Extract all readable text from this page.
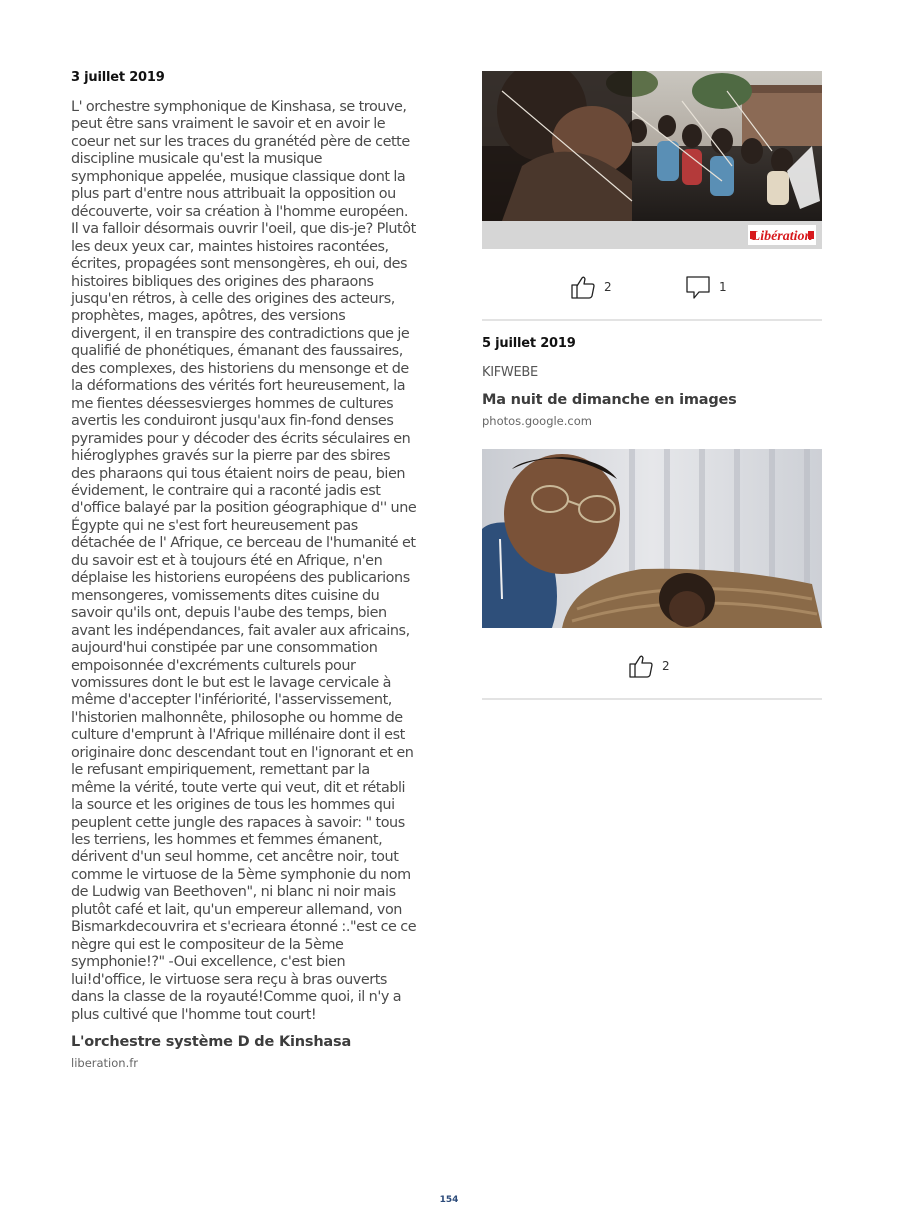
3 juillet 2019
L' orchestre symphonique de Kinshasa, se trouve, peut être sans vraiment le savoir et en avoir le coeur net sur les traces du granétéd père de cette discipline musicale qu'est la musique symphonique appelée, musique classique dont la plus part d'entre nous attribuait la opposition ou découverte, voir sa création à l'homme européen. Il va falloir désormais ouvrir l'oeil, que dis-je? Plutôt les deux yeux car, maintes histoires racontées, écrites, propagées sont mensongères, eh oui, des histoires bibliques des origines des pharaons jusqu'en rétros, à celle des origines des acteurs, prophètes, mages, apôtres, des versions divergent, il en transpire des contradictions que je qualifié de phonétiques, émanant des faussaires, des complexes, des historiens du mensonge et de la déformations des vérités fort heureusement, la me fientes déessesvierges hommes de cultures avertis les conduiront jusqu'aux fin-fond denses pyramides pour y décoder des écrits séculaires en hiéroglyphes gravés sur la pierre par des sbires des pharaons qui tous étaient noirs de peau, bien évidement, le contraire qui a raconté jadis est d'office balayé par la position géographique d'' une Égypte qui ne s'est fort heureusement pas détachée de l' Afrique, ce berceau de l'humanité et du savoir est et à toujours été en Afrique, n'en déplaise les historiens européens des publicarions mensongeres, vomissements dites cuisine du savoir qu'ils ont, depuis l'aube des temps, bien avant les indépendances, fait avaler aux africains, aujourd'hui constipée par une consommation empoisonnée d'excréments culturels pour vomissures dont le but est le lavage cervicale à même d'accepter l'infériorité, l'asservissement, l'historien malhonnête, philosophe ou homme de culture d'emprunt à l'Afrique millénaire dont il est originaire donc descendant tout en l'ignorant et en le refusant empiriquement, remettant par la même la vérité, toute verte qui veut, dit et rétabli la source et les origines de tous les hommes qui peuplent cette jungle des rapaces à savoir: " tous les terriens, les hommes et femmes émanent, dérivent d'un seul homme, cet ancêtre noir, tout comme le virtuose de la 5ème symphonie du nom de Ludwig van Beethoven", ni blanc ni noir mais plutôt café et lait, qu'un empereur allemand, von Bismarkdecouvrira et s'ecrieara étonné :."est ce ce nègre qui est le compositeur de la 5ème symphonie!?" -Oui excellence, c'est bien lui!d'office, le virtuose sera reçu à bras ouverts dans la classe de la royauté!Comme quoi, il n'y a plus cultivé que l'homme tout court!
L'orchestre système D de Kinshasa
liberation.fr
Libération
2	1
5 juillet 2019
KIFWEBE
Ma nuit de dimanche en images
photos.google.com
2
154
